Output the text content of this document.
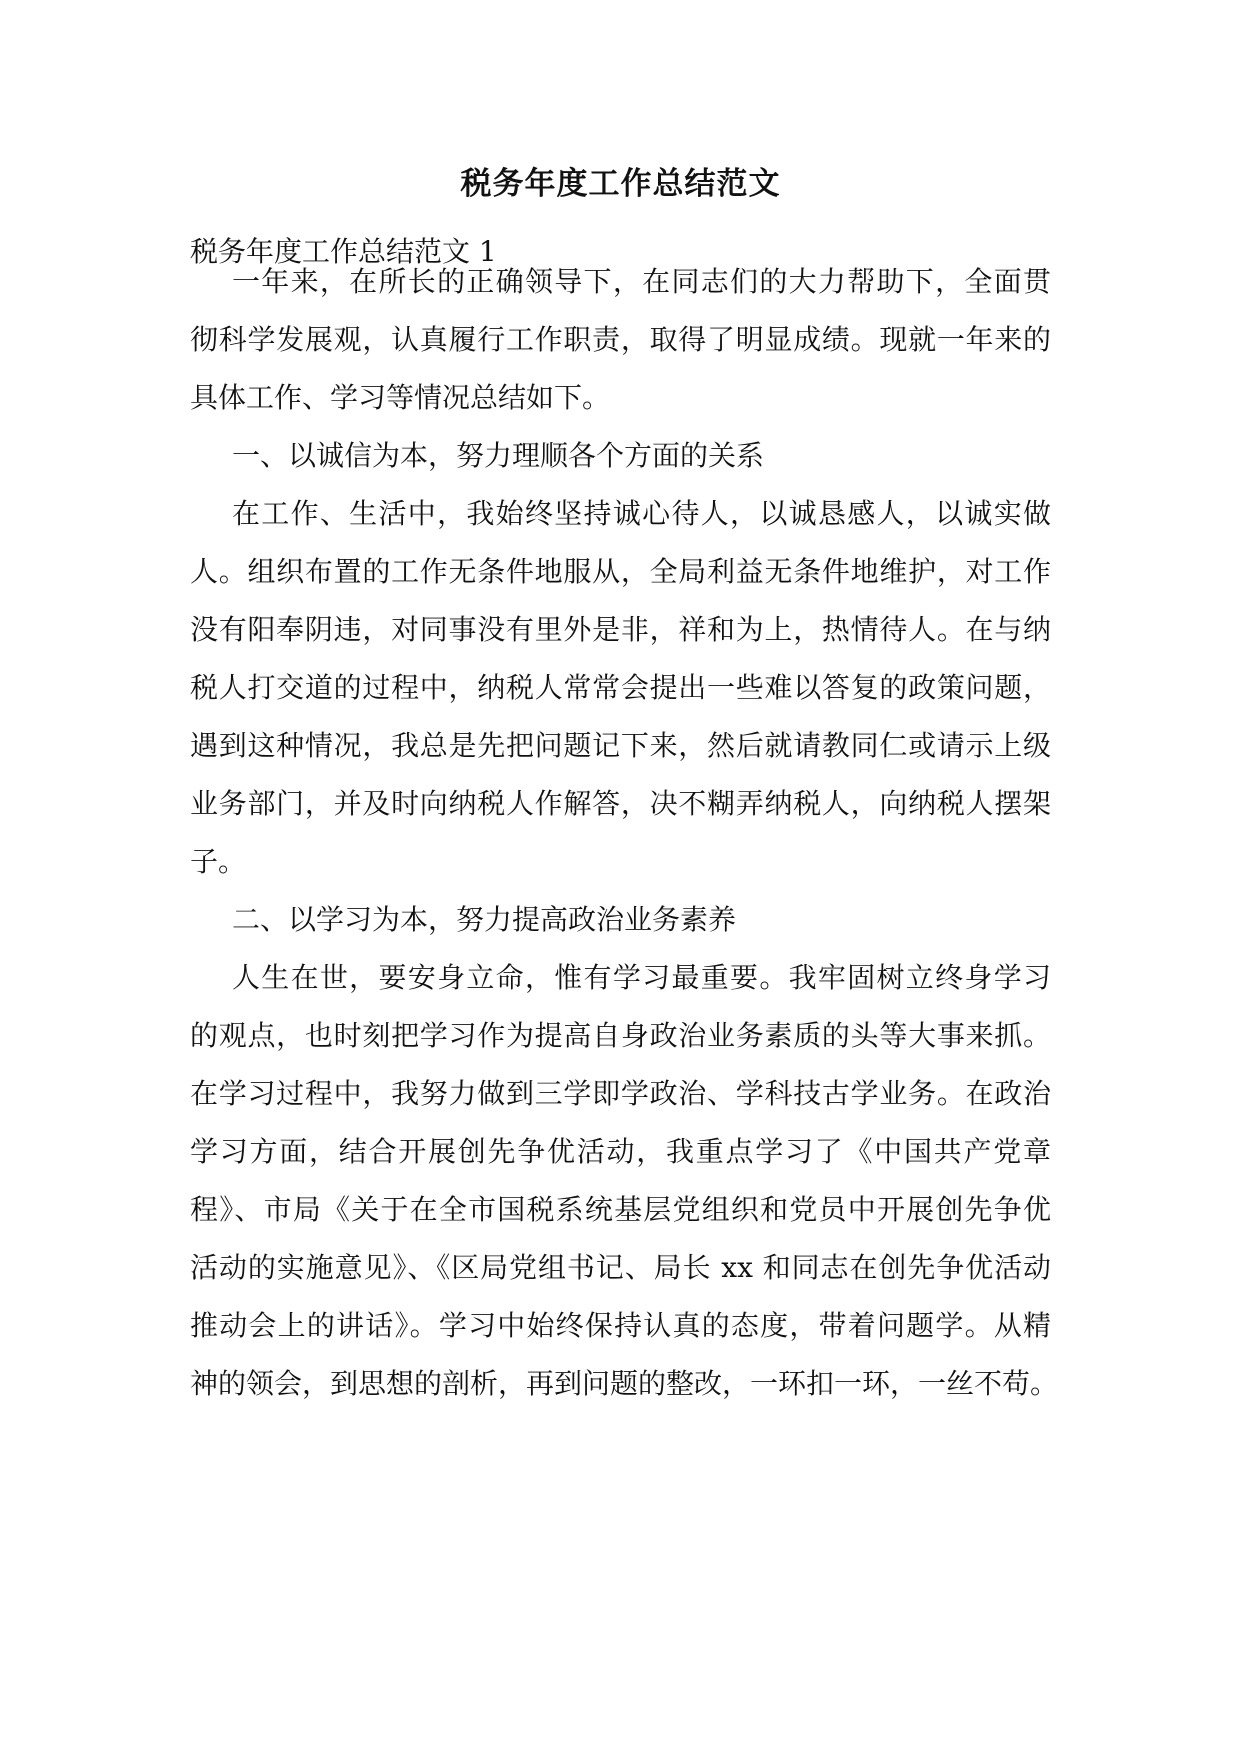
税务年度工作总结范文
税务年度工作总结范文 1
一年来，在所长的正确领导下，在同志们的大力帮助下，全面贯
彻科学发展观，认真履行工作职责，取得了明显成绩。现就一年来的
具体工作、学习等情况总结如下。
一、以诚信为本，努力理顺各个方面的关系
在工作、生活中，我始终坚持诚心待人，以诚恳感人，以诚实做
人。组织布置的工作无条件地服从，全局利益无条件地维护，对工作
没有阳奉阴违，对同事没有里外是非，祥和为上，热情待人。在与纳
税人打交道的过程中，纳税人常常会提出一些难以答复的政策问题，
遇到这种情况，我总是先把问题记下来，然后就请教同仁或请示上级
业务部门，并及时向纳税人作解答，决不糊弄纳税人，向纳税人摆架
子。
二、以学习为本，努力提高政治业务素养
人生在世，要安身立命，惟有学习最重要。我牢固树立终身学习
的观点，也时刻把学习作为提高自身政治业务素质的头等大事来抓。
在学习过程中，我努力做到三学即学政治、学科技古学业务。在政治
学习方面，结合开展创先争优活动，我重点学习了《中国共产党章
程》、市局《关于在全市国税系统基层党组织和党员中开展创先争优
活动的实施意见》、《区局党组书记、局长 xx 和同志在创先争优活动
推动会上的讲话》。学习中始终保持认真的态度，带着问题学。从精
神的领会，到思想的剖析，再到问题的整改，一环扣一环，一丝不苟。
